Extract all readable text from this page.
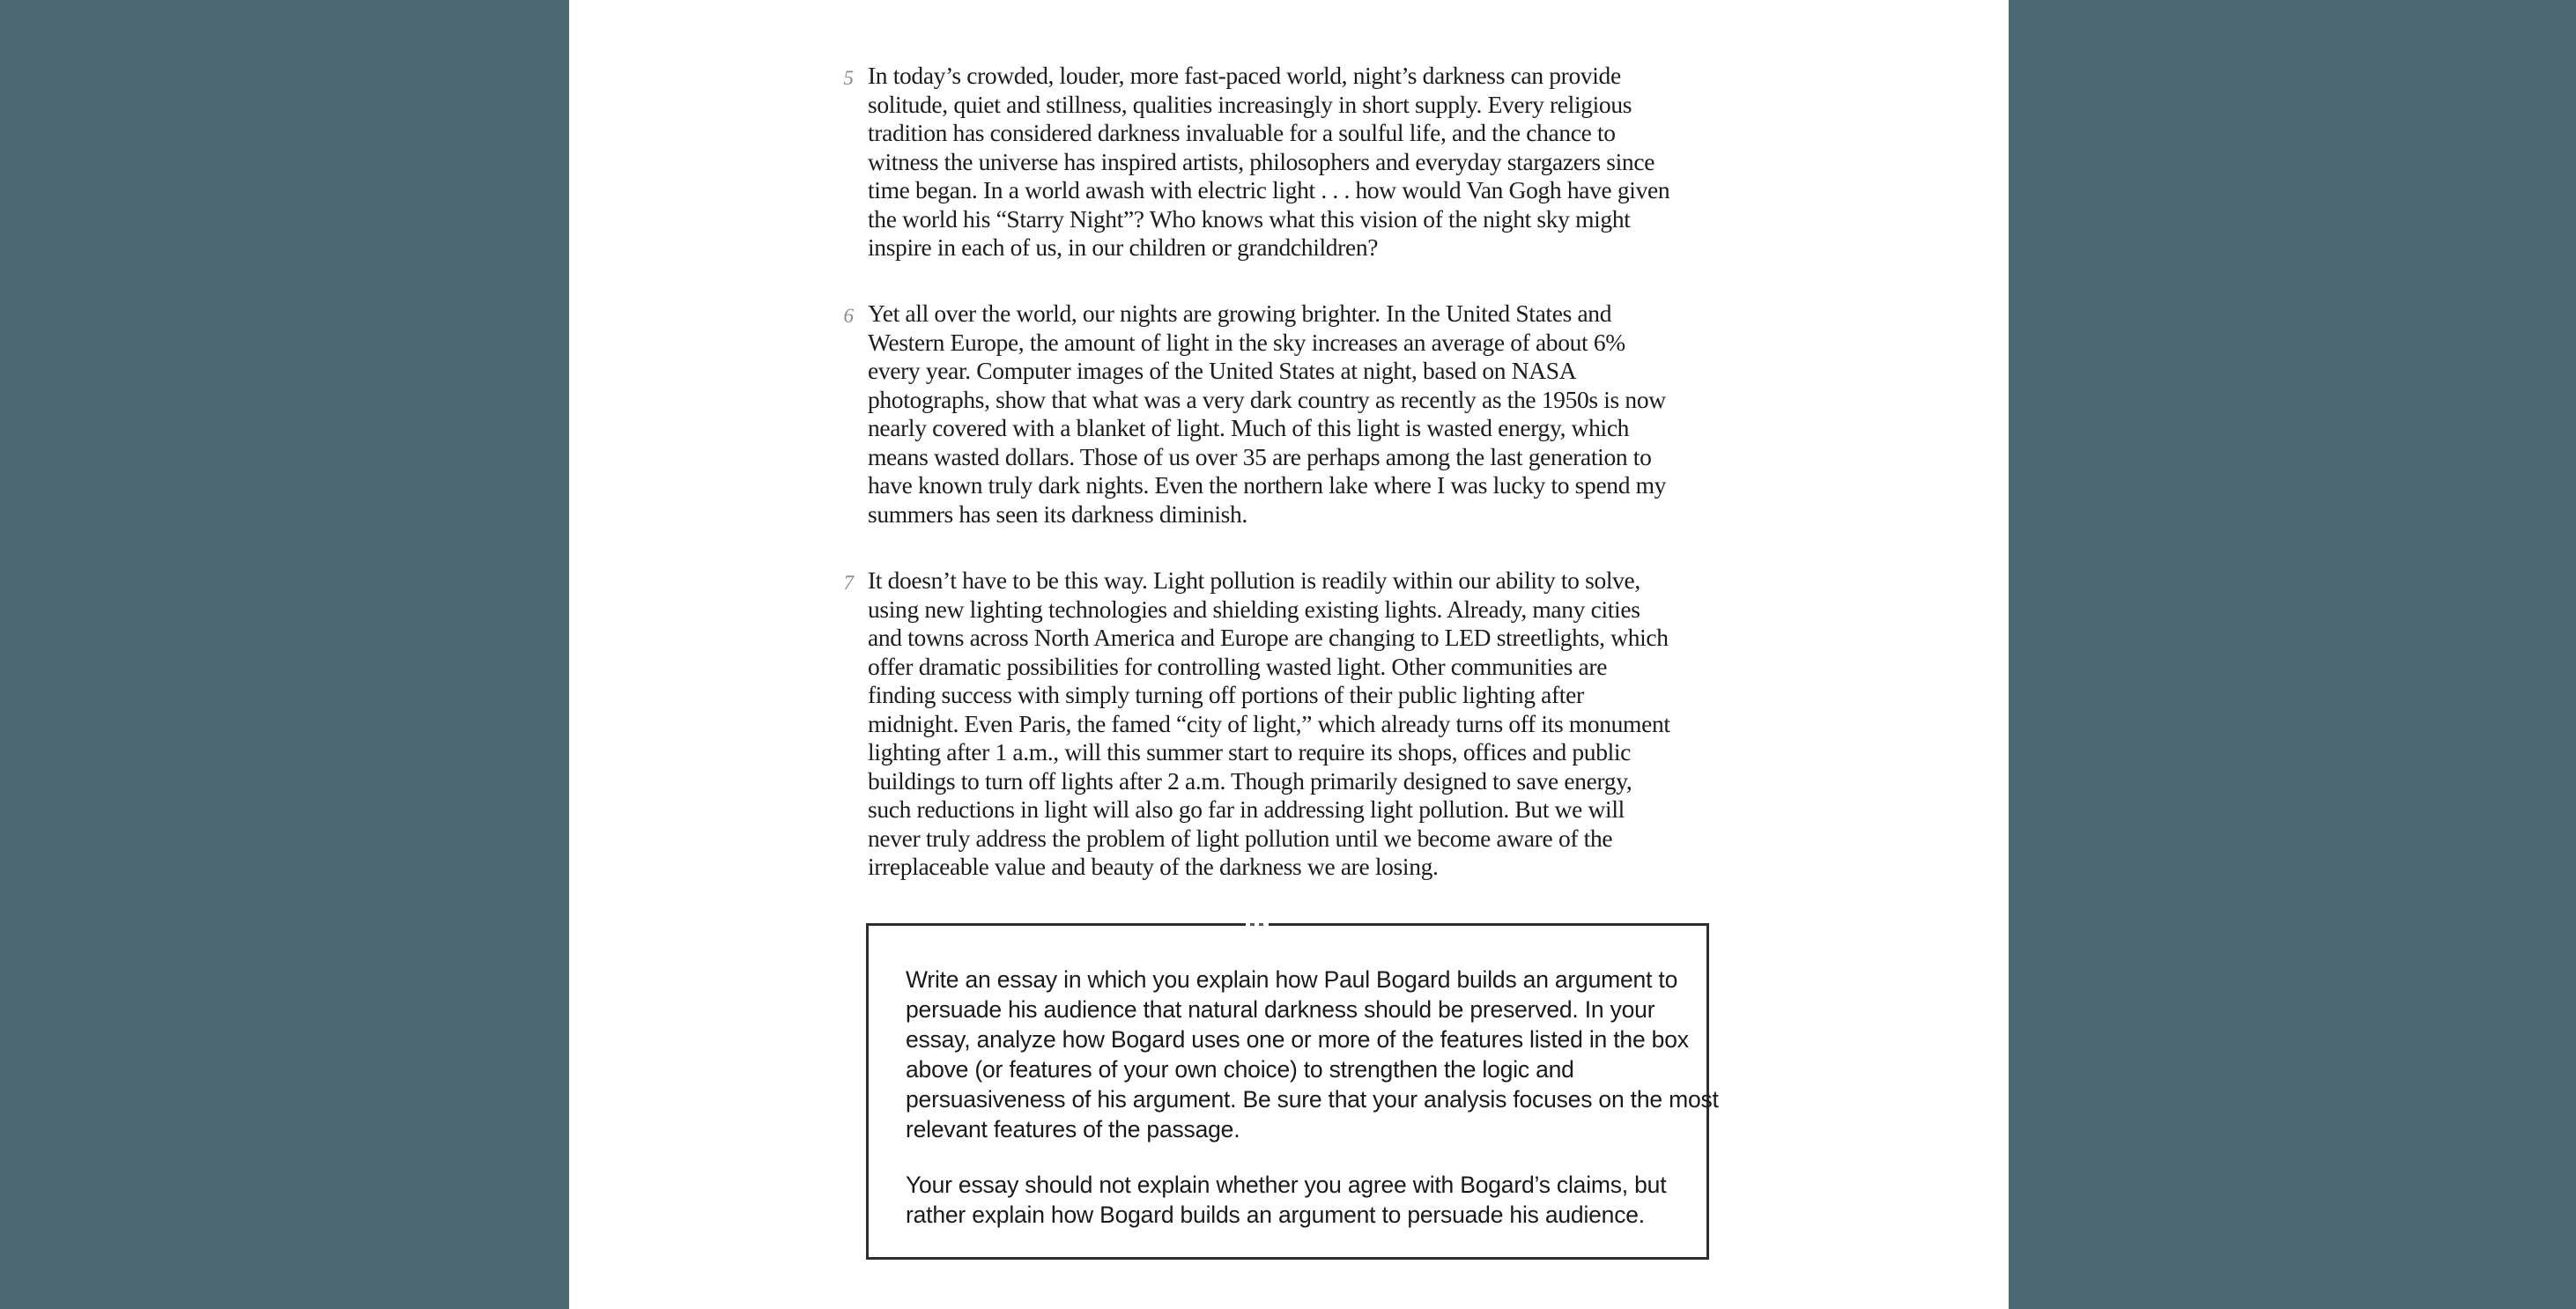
5 In today’s crowded, louder, more fast-paced world, night’s darkness can provide
solitude, quiet and stillness, qualities increasingly in short supply. Every religious
tradition has considered darkness invaluable for a soulful life, and the chance to
witness the universe has inspired artists, philosophers and everyday stargazers since
time began. In a world awash with electric light . . . how would Van Gogh have given
the world his “Starry Night”? Who knows what this vision of the night sky might
inspire in each of us, in our children or grandchildren?
6 Yet all over the world, our nights are growing brighter. In the United States and
Western Europe, the amount of light in the sky increases an average of about 6%
every year. Computer images of the United States at night, based on NASA
photographs, show that what was a very dark country as recently as the 1950s is now
nearly covered with a blanket of light. Much of this light is wasted energy, which
means wasted dollars. Those of us over 35 are perhaps among the last generation to
have known truly dark nights. Even the northern lake where I was lucky to spend my
summers has seen its darkness diminish.
7 It doesn’t have to be this way. Light pollution is readily within our ability to solve,
using new lighting technologies and shielding existing lights. Already, many cities
and towns across North America and Europe are changing to LED streetlights, which
offer dramatic possibilities for controlling wasted light. Other communities are
finding success with simply turning off portions of their public lighting after
midnight. Even Paris, the famed “city of light,” which already turns off its monument
lighting after 1 a.m., will this summer start to require its shops, offices and public
buildings to turn off lights after 2 a.m. Though primarily designed to save energy,
such reductions in light will also go far in addressing light pollution. But we will
never truly address the problem of light pollution until we become aware of the
irreplaceable value and beauty of the darkness we are losing.
Write an essay in which you explain how Paul Bogard builds an argument to
persuade his audience that natural darkness should be preserved. In your
essay, analyze how Bogard uses one or more of the features listed in the box
above (or features of your own choice) to strengthen the logic and
persuasiveness of his argument. Be sure that your analysis focuses on the most
relevant features of the passage.
Your essay should not explain whether you agree with Bogard’s claims, but
rather explain how Bogard builds an argument to persuade his audience.
